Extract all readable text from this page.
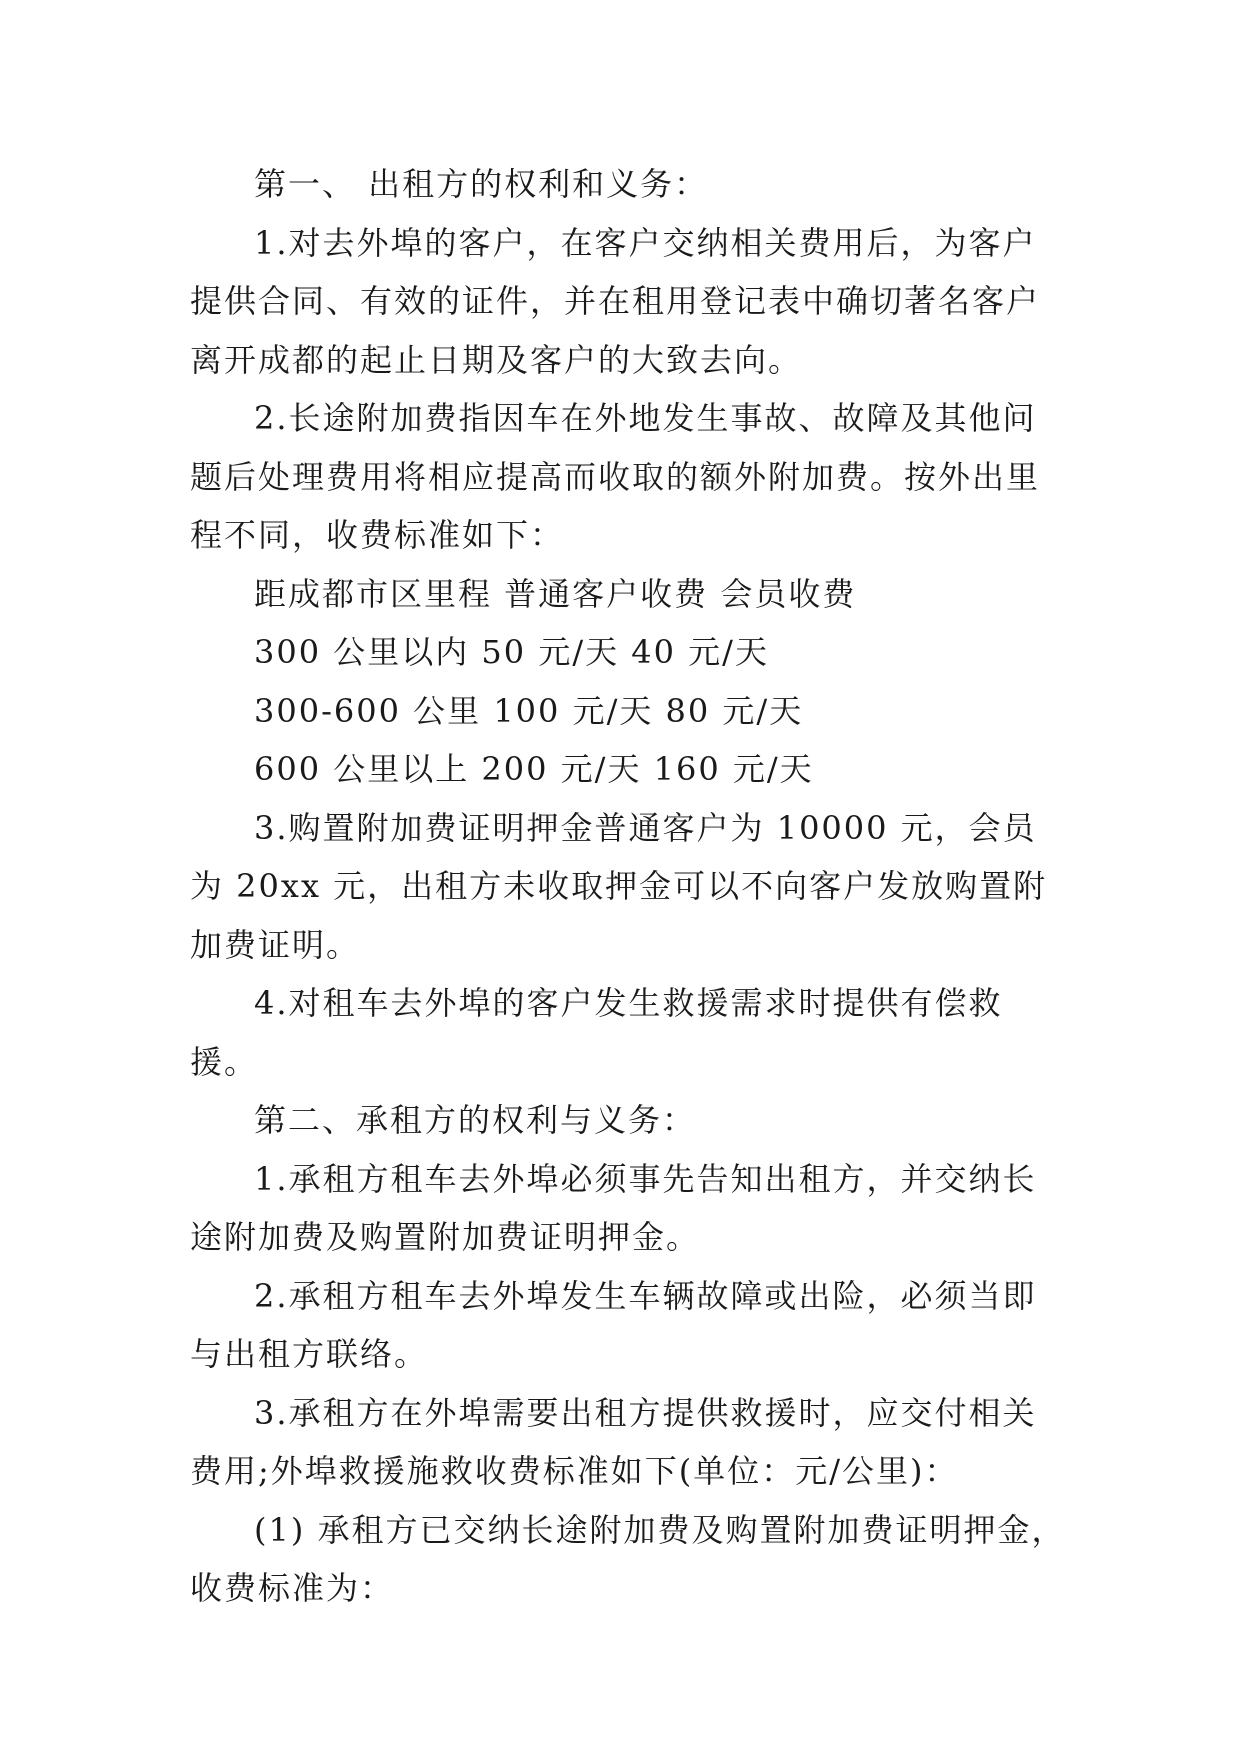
第一、 出租方的权利和义务：

1.对去外埠的客户，在客户交纳相关费用后，为客户提供合同、有效的证件，并在租用登记表中确切著名客户离开成都的起止日期及客户的大致去向。

2.长途附加费指因车在外地发生事故、故障及其他问题后处理费用将相应提高而收取的额外附加费。按外出里程不同，收费标准如下：

距成都市区里程 普通客户收费 会员收费

300 公里以内 50 元/天 40 元/天

300-600 公里 100 元/天 80 元/天

600 公里以上 200 元/天 160 元/天

3.购置附加费证明押金普通客户为 10000 元，会员为 20xx 元，出租方未收取押金可以不向客户发放购置附加费证明。

4.对租车去外埠的客户发生救援需求时提供有偿救援。

第二、承租方的权利与义务：

1.承租方租车去外埠必须事先告知出租方，并交纳长途附加费及购置附加费证明押金。

2.承租方租车去外埠发生车辆故障或出险，必须当即与出租方联络。

3.承租方在外埠需要出租方提供救援时，应交付相关费用;外埠救援施救收费标准如下(单位：元/公里)：

(1) 承租方已交纳长途附加费及购置附加费证明押金，收费标准为：
